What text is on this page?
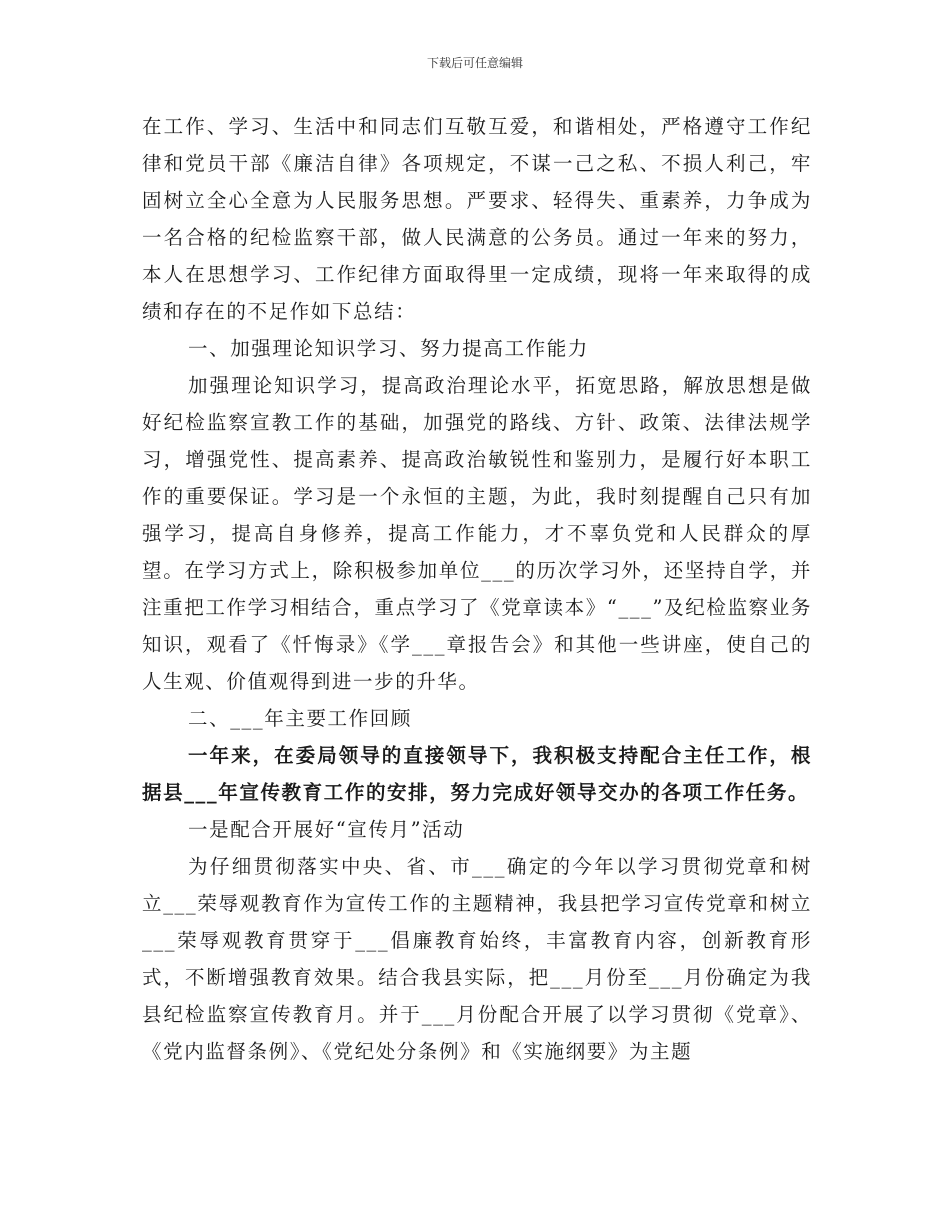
下载后可任意编辑

在工作、学习、生活中和同志们互敬互爱，和谐相处，严格遵守工作纪律和党员干部《廉洁自律》各项规定，不谋一己之私、不损人利己，牢固树立全心全意为人民服务思想。严要求、轻得失、重素养，力争成为一名合格的纪检监察干部，做人民满意的公务员。通过一年来的努力，本人在思想学习、工作纪律方面取得里一定成绩，现将一年来取得的成绩和存在的不足作如下总结：

一、加强理论知识学习、努力提高工作能力

加强理论知识学习，提高政治理论水平，拓宽思路，解放思想是做好纪检监察宣教工作的基础，加强党的路线、方针、政策、法律法规学习，增强党性、提高素养、提高政治敏锐性和鉴别力，是履行好本职工作的重要保证。学习是一个永恒的主题，为此，我时刻提醒自己只有加强学习，提高自身修养，提高工作能力，才不辜负党和人民群众的厚望。在学习方式上，除积极参加单位___的历次学习外，还坚持自学，并注重把工作学习相结合，重点学习了《党章读本》“___”及纪检监察业务知识，观看了《忏悔录》《学___章报告会》和其他一些讲座，使自己的人生观、价值观得到进一步的升华。

二、___年主要工作回顾

一年来，在委局领导的直接领导下，我积极支持配合主任工作，根据县___年宣传教育工作的安排，努力完成好领导交办的各项工作任务。

一是配合开展好“宣传月”活动

为仔细贯彻落实中央、省、市___确定的今年以学习贯彻党章和树立___荣辱观教育作为宣传工作的主题精神，我县把学习宣传党章和树立___荣辱观教育贯穿于___倡廉教育始终，丰富教育内容，创新教育形式，不断增强教育效果。结合我县实际，把___月份至___月份确定为我县纪检监察宣传教育月。并于___月份配合开展了以学习贯彻《党章》、《党内监督条例》、《党纪处分条例》和《实施纲要》为主题
